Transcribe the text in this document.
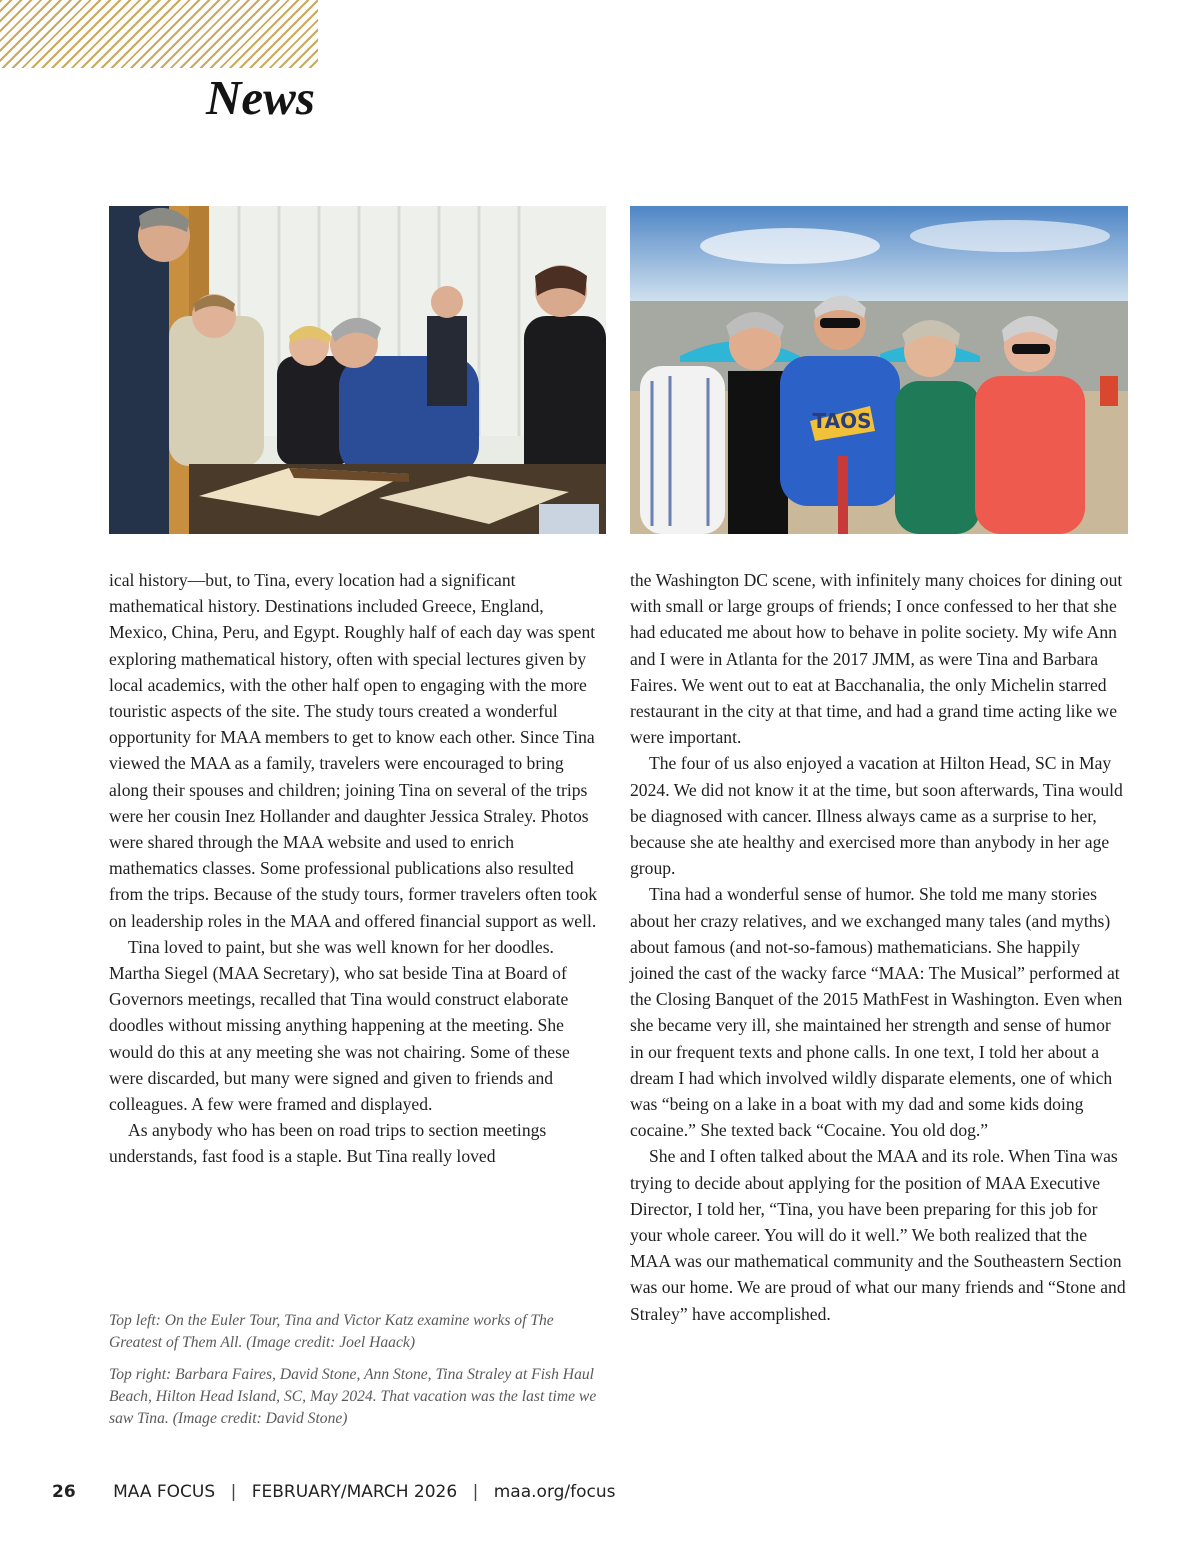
News
TAOS

ical history—but, to Tina, every location had a significant mathematical history. Destinations included Greece, England, Mexico, China, Peru, and Egypt. Roughly half of each day was spent exploring mathematical history, often with special lectures given by local academics, with the other half open to engaging with the more touristic aspects of the site. The study tours created a wonderful opportunity for MAA members to get to know each other. Since Tina viewed the MAA as a family, travelers were encouraged to bring along their spouses and children; joining Tina on several of the trips were her cousin Inez Hollander and daughter Jessica Straley. Photos were shared through the MAA website and used to enrich mathematics classes. Some professional publications also resulted from the trips. Because of the study tours, former travelers often took on leadership roles in the MAA and offered financial support as well.

Tina loved to paint, but she was well known for her doodles. Martha Siegel (MAA Secretary), who sat beside Tina at Board of Governors meetings, recalled that Tina would construct elaborate doodles without missing anything happening at the meeting. She would do this at any meeting she was not chairing. Some of these were discarded, but many were signed and given to friends and colleagues. A few were framed and displayed.

As anybody who has been on road trips to section meetings understands, fast food is a staple. But Tina really loved

the Washington DC scene, with infinitely many choices for dining out with small or large groups of friends; I once confessed to her that she had educated me about how to behave in polite society. My wife Ann and I were in Atlanta for the 2017 JMM, as were Tina and Barbara Faires. We went out to eat at Bacchanalia, the only Michelin starred restaurant in the city at that time, and had a grand time acting like we were important.

The four of us also enjoyed a vacation at Hilton Head, SC in May 2024. We did not know it at the time, but soon afterwards, Tina would be diagnosed with cancer. Illness always came as a surprise to her, because she ate healthy and exercised more than anybody in her age group.

Tina had a wonderful sense of humor. She told me many stories about her crazy relatives, and we exchanged many tales (and myths) about famous (and not-so-famous) mathematicians. She happily joined the cast of the wacky farce “MAA: The Musical” performed at the Closing Banquet of the 2015 MathFest in Washington. Even when she became very ill, she maintained her strength and sense of humor in our frequent texts and phone calls. In one text, I told her about a dream I had which involved wildly disparate elements, one of which was “being on a lake in a boat with my dad and some kids doing cocaine.” She texted back “Cocaine. You old dog.”

She and I often talked about the MAA and its role. When Tina was trying to decide about applying for the position of MAA Executive Director, I told her, “Tina, you have been preparing for this job for your whole career. You will do it well.” We both realized that the MAA was our mathematical community and the Southeastern Section was our home. We are proud of what our many friends and “Stone and Straley” have accomplished.

Top left: On the Euler Tour, Tina and Victor Katz examine works of The Greatest of Them All. (Image credit: Joel Haack)

Top right: Barbara Faires, David Stone, Ann Stone, Tina Straley at Fish Haul Beach, Hilton Head Island, SC, May 2024. That vacation was the last time we saw Tina. (Image credit: David Stone)

26 MAA FOCUS | FEBRUARY/MARCH 2026 | maa.org/focus
